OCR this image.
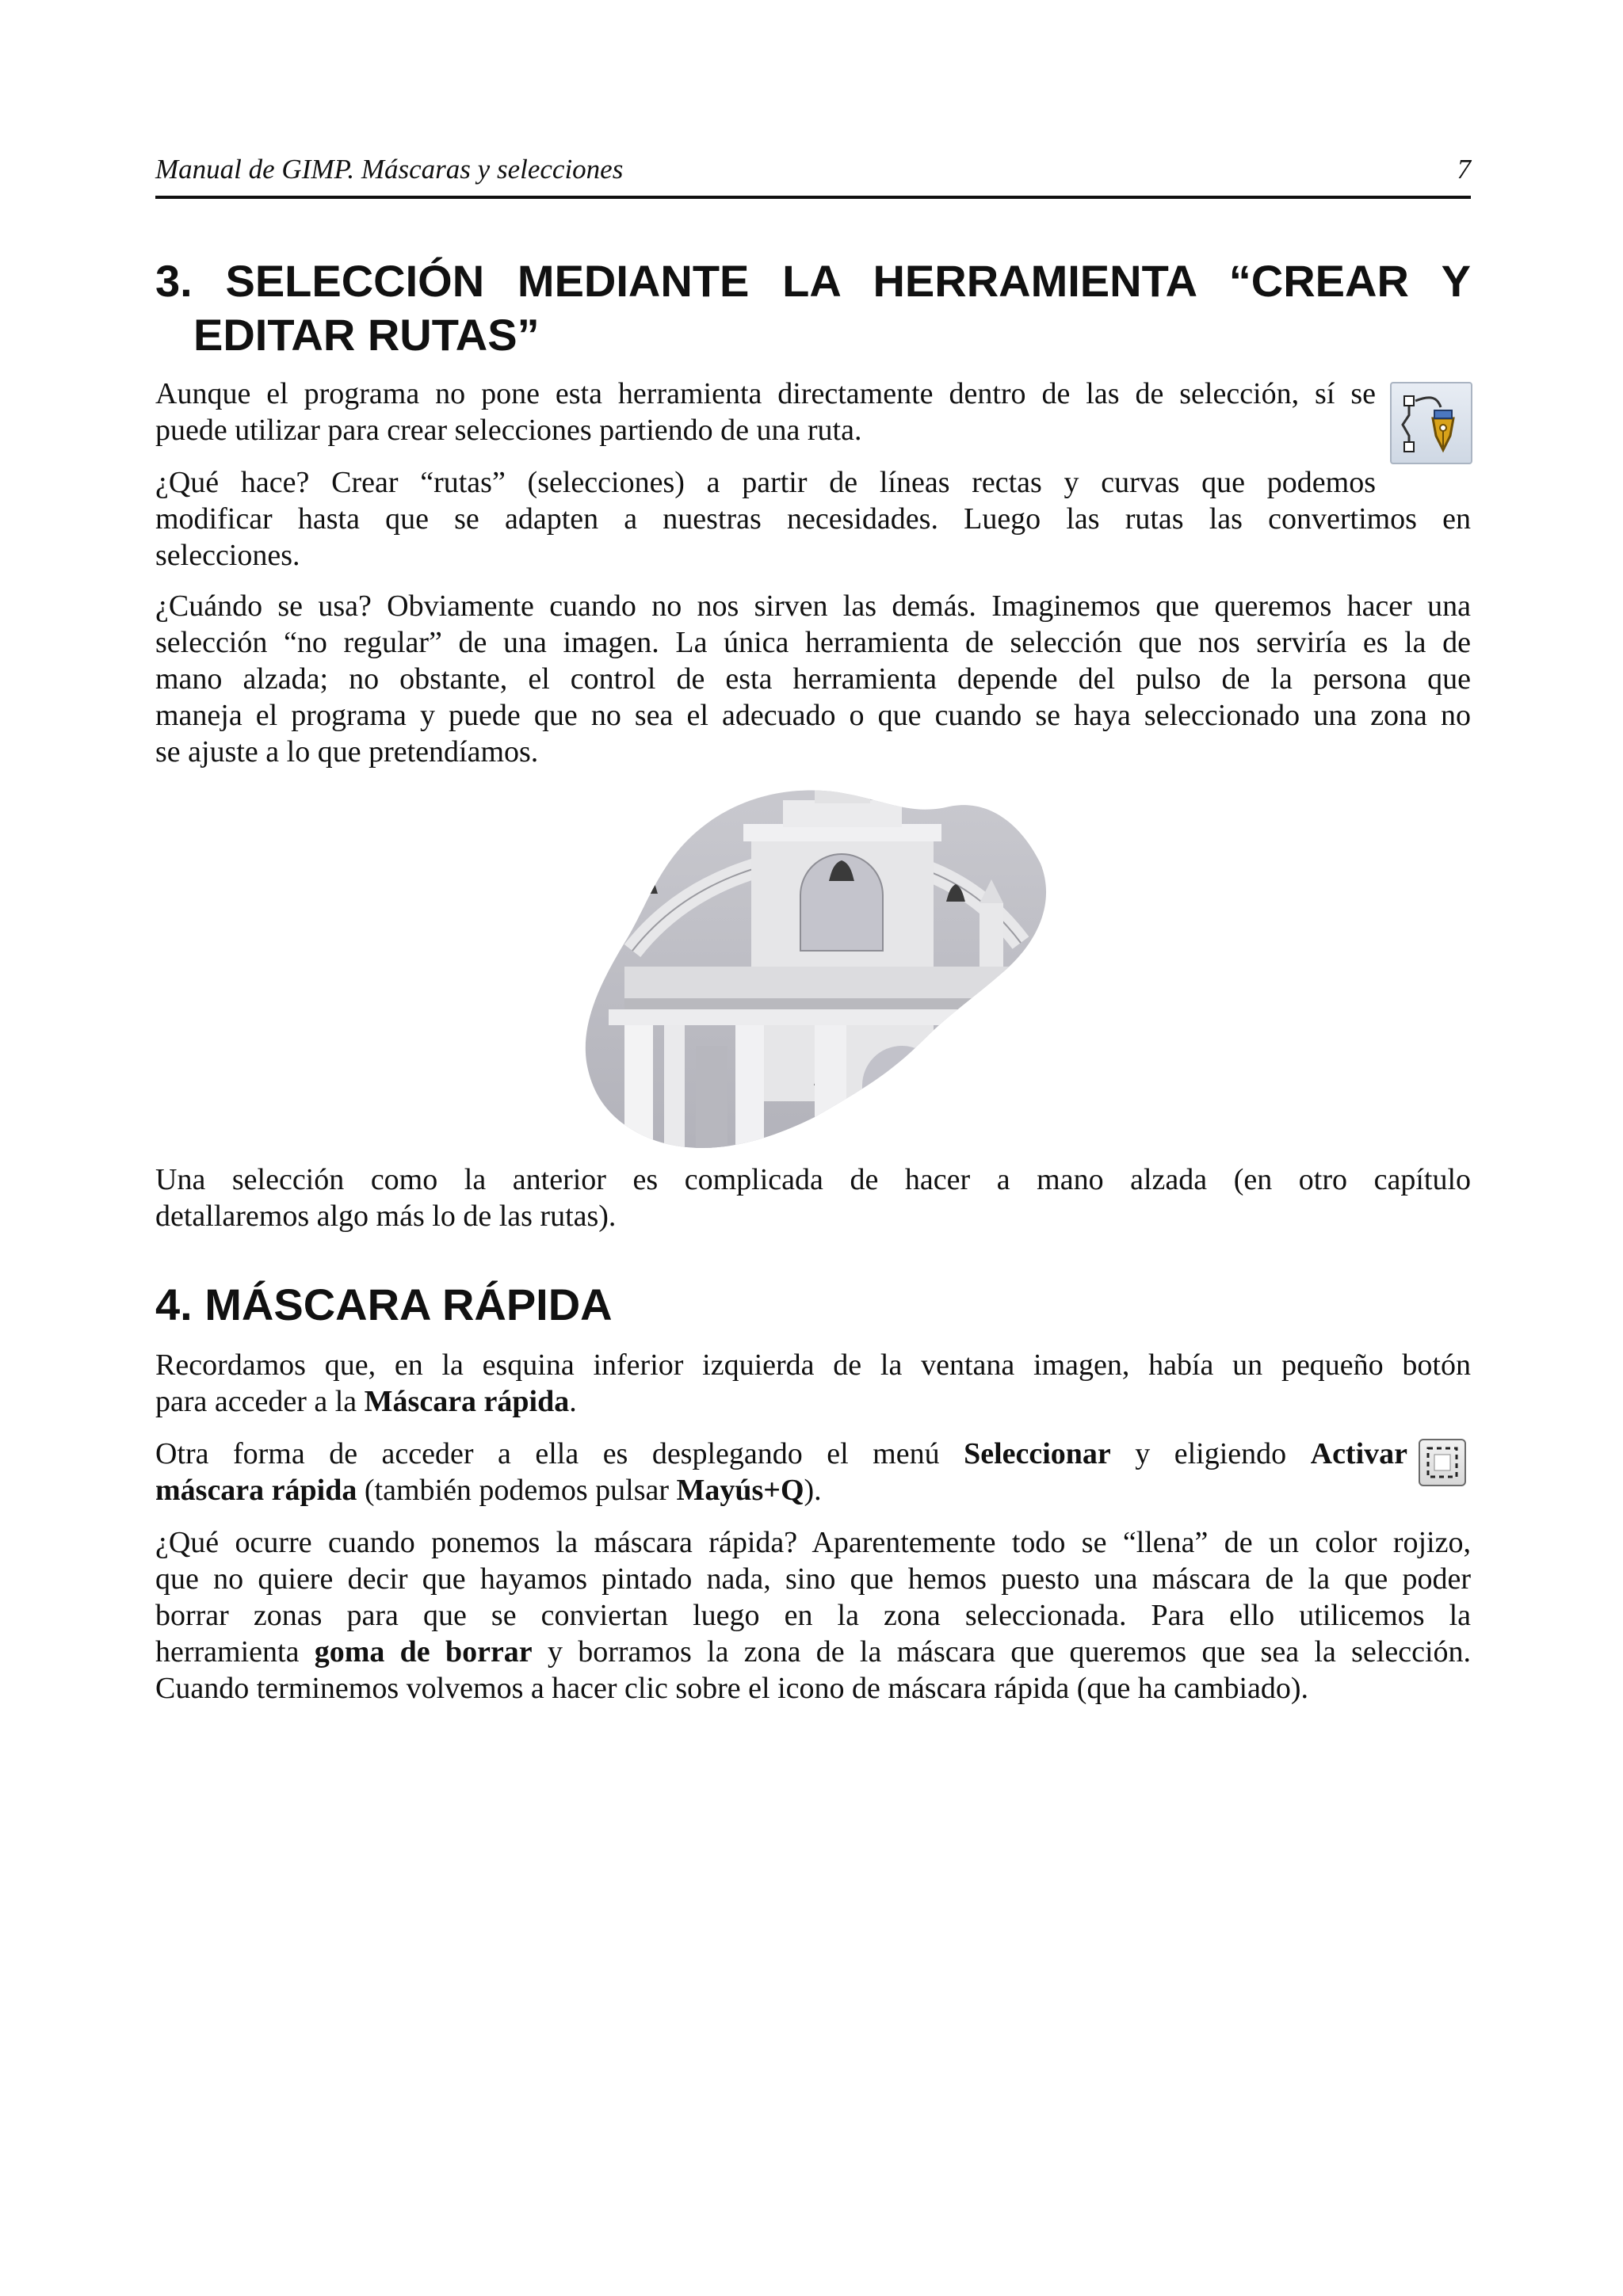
Manual de GIMP. Máscaras y selecciones	7
3. SELECCIÓN MEDIANTE LA HERRAMIENTA “CREAR Y
EDITAR RUTAS”
Aunque el programa no pone esta herramienta directamente dentro de las de selección, sí se
puede utilizar para crear selecciones partiendo de una ruta.
¿Qué hace? Crear “rutas” (selecciones) a partir de líneas rectas y curvas que podemos
modificar hasta que se adapten a nuestras necesidades. Luego las rutas las convertimos en
selecciones.
¿Cuándo se usa? Obviamente cuando no nos sirven las demás. Imaginemos que queremos hacer una
selección “no regular” de una imagen. La única herramienta de selección que nos serviría es la de
mano alzada; no obstante, el control de esta herramienta depende del pulso de la persona que
maneja el programa y puede que no sea el adecuado o que cuando se haya seleccionado una zona no
se ajuste a lo que pretendíamos.
Una selección como la anterior es complicada de hacer a mano alzada (en otro capítulo
detallaremos algo más lo de las rutas).
4. MÁSCARA RÁPIDA
Recordamos que, en la esquina inferior izquierda de la ventana imagen, había un pequeño botón
para acceder a la Máscara rápida.
Otra forma de acceder a ella es desplegando el menú Seleccionar y eligiendo Activar
máscara rápida (también podemos pulsar Mayús+Q).
¿Qué ocurre cuando ponemos la máscara rápida? Aparentemente todo se “llena” de un color rojizo,
que no quiere decir que hayamos pintado nada, sino que hemos puesto una máscara de la que poder
borrar zonas para que se conviertan luego en la zona seleccionada. Para ello utilicemos la
herramienta goma de borrar y borramos la zona de la máscara que queremos que sea la selección.
Cuando terminemos volvemos a hacer clic sobre el icono de máscara rápida (que ha cambiado).
